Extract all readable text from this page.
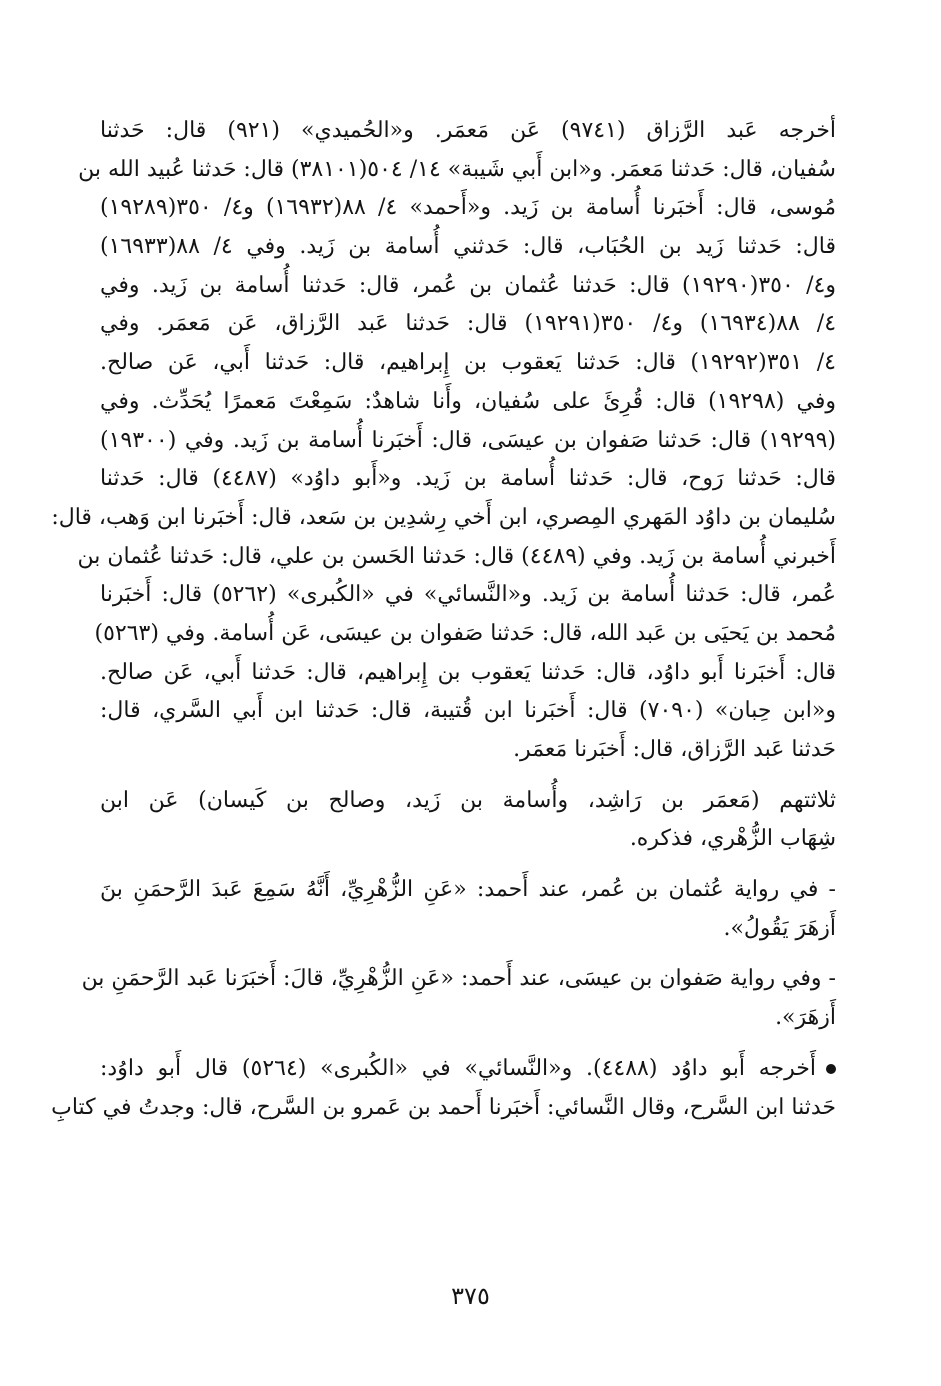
أخرجه عَبد الرَّزاق (٩٧٤١) عَن مَعمَر. و«الحُميدي» (٩٢١) قال: حَدثنا
سُفيان، قال: حَدثنا مَعمَر. و«ابن أَبي شَيبة» ١٤/ ٥٠٤(٣٨١٠١) قال: حَدثنا عُبيد الله بن
مُوسى، قال: أَخبَرنا أُسامة بن زَيد. و«أَحمد» ٤/ ٨٨(١٦٩٣٢) و٤/ ٣٥٠(١٩٢٨٩)
قال: حَدثنا زَيد بن الحُبَاب، قال: حَدثني أُسامة بن زَيد. وفي ٤/ ٨٨(١٦٩٣٣)
و٤/ ٣٥٠(١٩٢٩٠) قال: حَدثنا عُثمان بن عُمر، قال: حَدثنا أُسامة بن زَيد. وفي
٤/ ٨٨(١٦٩٣٤) و٤/ ٣٥٠(١٩٢٩١) قال: حَدثنا عَبد الرَّزاق، عَن مَعمَر. وفي
٤/ ٣٥١(١٩٢٩٢) قال: حَدثنا يَعقوب بن إِبراهيم، قال: حَدثنا أَبي، عَن صالح.
وفي (١٩٢٩٨) قال: قُرِئَ على سُفيان، وأَنا شاهدٌ: سَمِعْتَ مَعمرًا يُحَدِّث. وفي
(١٩٢٩٩) قال: حَدثنا صَفوان بن عيسَى، قال: أَخبَرنا أُسامة بن زَيد. وفي (١٩٣٠٠)
قال: حَدثنا رَوح، قال: حَدثنا أُسامة بن زَيد. و«أَبو داوُد» (٤٤٨٧) قال: حَدثنا
سُليمان بن داوُد المَهري المِصري، ابن أَخي رِشدِين بن سَعد، قال: أَخبَرنا ابن وَهب، قال:
أَخبرني أُسامة بن زَيد. وفي (٤٤٨٩) قال: حَدثنا الحَسن بن علي، قال: حَدثنا عُثمان بن
عُمر، قال: حَدثنا أُسامة بن زَيد. و«النَّسائي» في «الكُبرى» (٥٢٦٢) قال: أَخبَرنا
مُحمد بن يَحيَى بن عَبد الله، قال: حَدثنا صَفوان بن عيسَى، عَن أُسامة. وفي (٥٢٦٣)
قال: أَخبَرنا أَبو داوُد، قال: حَدثنا يَعقوب بن إِبراهيم، قال: حَدثنا أَبي، عَن صالح.
و«ابن حِبان» (٧٠٩٠) قال: أَخبَرنا ابن قُتيبة، قال: حَدثنا ابن أَبي السَّري، قال:
حَدثنا عَبد الرَّزاق، قال: أَخبَرنا مَعمَر.
ثلاثتهم (مَعمَر بن رَاشِد، وأُسامة بن زَيد، وصالح بن كَيسان) عَن ابن
شِهَاب الزُّهْري، فذكره.
- في رواية عُثمان بن عُمر، عند أَحمد: «عَنِ الزُّهْرِيِّ، أَنَّهُ سَمِعَ عَبدَ الرَّحمَنِ بنَ
أَزهَرَ يَقُولُ».
- وفي رواية صَفوان بن عيسَى، عند أَحمد: «عَنِ الزُّهْرِيِّ، قالَ: أَخبَرَنا عَبد الرَّحمَنِ بن
أَزهَرَ».
أَخرجه أَبو داوُد (٤٤٨٨). و«النَّسائي» في «الكُبرى» (٥٢٦٤) قال أَبو داوُد:
حَدثنا ابن السَّرح، وقال النَّسائي: أَخبَرنا أَحمد بن عَمرو بن السَّرح، قال: وجدتُ في كتابِ
٣٧٥
